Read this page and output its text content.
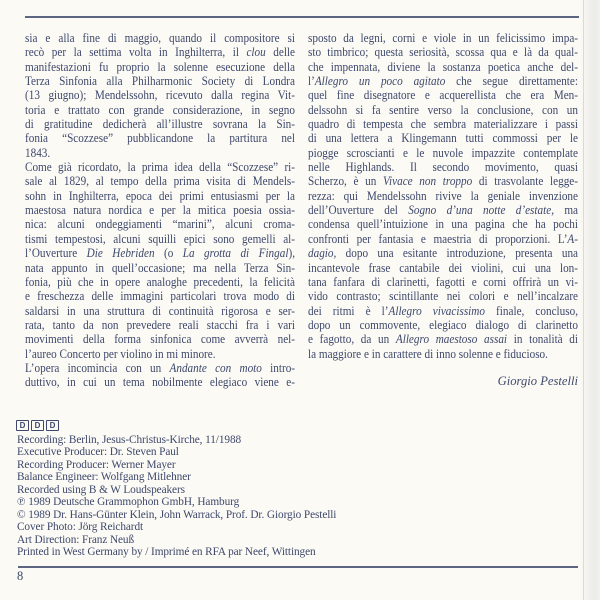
sia e alla fine di maggio, quando il compositore si
recò per la settima volta in Inghilterra, il clou delle
manifestazioni fu proprio la solenne esecuzione della
Terza Sinfonia alla Philharmonic Society di Londra
(13 giugno); Mendelssohn, ricevuto dalla regina Vit-
toria e trattato con grande considerazione, in segno
di gratitudine dedicherà all’illustre sovrana la Sin-
fonia “Scozzese” pubblicandone la partitura nel
1843.
Come già ricordato, la prima idea della “Scozzese” ri-
sale al 1829, al tempo della prima visita di Mendels-
sohn in Inghilterra, epoca dei primi entusiasmi per la
maestosa natura nordica e per la mitica poesia ossia-
nica: alcuni ondeggiamenti “marini”, alcuni croma-
tismi tempestosi, alcuni squilli epici sono gemelli al-
l’Ouverture Die Hebriden (o La grotta di Fingal),
nata appunto in quell’occasione; ma nella Terza Sin-
fonia, più che in opere analoghe precedenti, la felicità
e freschezza delle immagini particolari trova modo di
saldarsi in una struttura di continuità rigorosa e ser-
rata, tanto da non prevedere reali stacchi fra i vari
movimenti della forma sinfonica come avverrà nel-
l’aureo Concerto per violino in mi minore.
L’opera incomincia con un Andante con moto intro-
duttivo, in cui un tema nobilmente elegiaco viene e-
sposto da legni, corni e viole in un felicissimo impa-
sto timbrico; questa seriosità, scossa qua e là da qual-
che impennata, diviene la sostanza poetica anche del-
l’Allegro un poco agitato che segue direttamente:
quel fine disegnatore e acquerellista che era Men-
delssohn si fa sentire verso la conclusione, con un
quadro di tempesta che sembra materializzare i passi
di una lettera a Klingemann tutti commossi per le
piogge scroscianti e le nuvole impazzite contemplate
nelle Highlands. Il secondo movimento, quasi
Scherzo, è un Vivace non troppo di trasvolante legge-
rezza: qui Mendelssohn rivive la geniale invenzione
dell’Ouverture del Sogno d’una notte d’estate, ma
condensa quell’intuizione in una pagina che ha pochi
confronti per fantasia e maestria di proporzioni. L’A-
dagio, dopo una esitante introduzione, presenta una
incantevole frase cantabile dei violini, cui una lon-
tana fanfara di clarinetti, fagotti e corni offrirà un vi-
vido contrasto; scintillante nei colori e nell’incalzare
dei ritmi è l’Allegro vivacissimo finale, concluso,
dopo un commovente, elegiaco dialogo di clarinetto
e fagotto, da un Allegro maestoso assai in tonalità di
la maggiore e in carattere di inno solenne e fiducioso.
Giorgio Pestelli
D	D	D
Recording: Berlin, Jesus-Christus-Kirche, 11/1988
Executive Producer: Dr. Steven Paul
Recording Producer: Werner Mayer
Balance Engineer: Wolfgang Mitlehner
Recorded using B & W Loudspeakers
℗ 1989 Deutsche Grammophon GmbH, Hamburg
© 1989 Dr. Hans-Günter Klein, John Warrack, Prof. Dr. Giorgio Pestelli
Cover Photo: Jörg Reichardt
Art Direction: Franz Neuß
Printed in West Germany by / Imprimé en RFA par Neef, Wittingen
8
